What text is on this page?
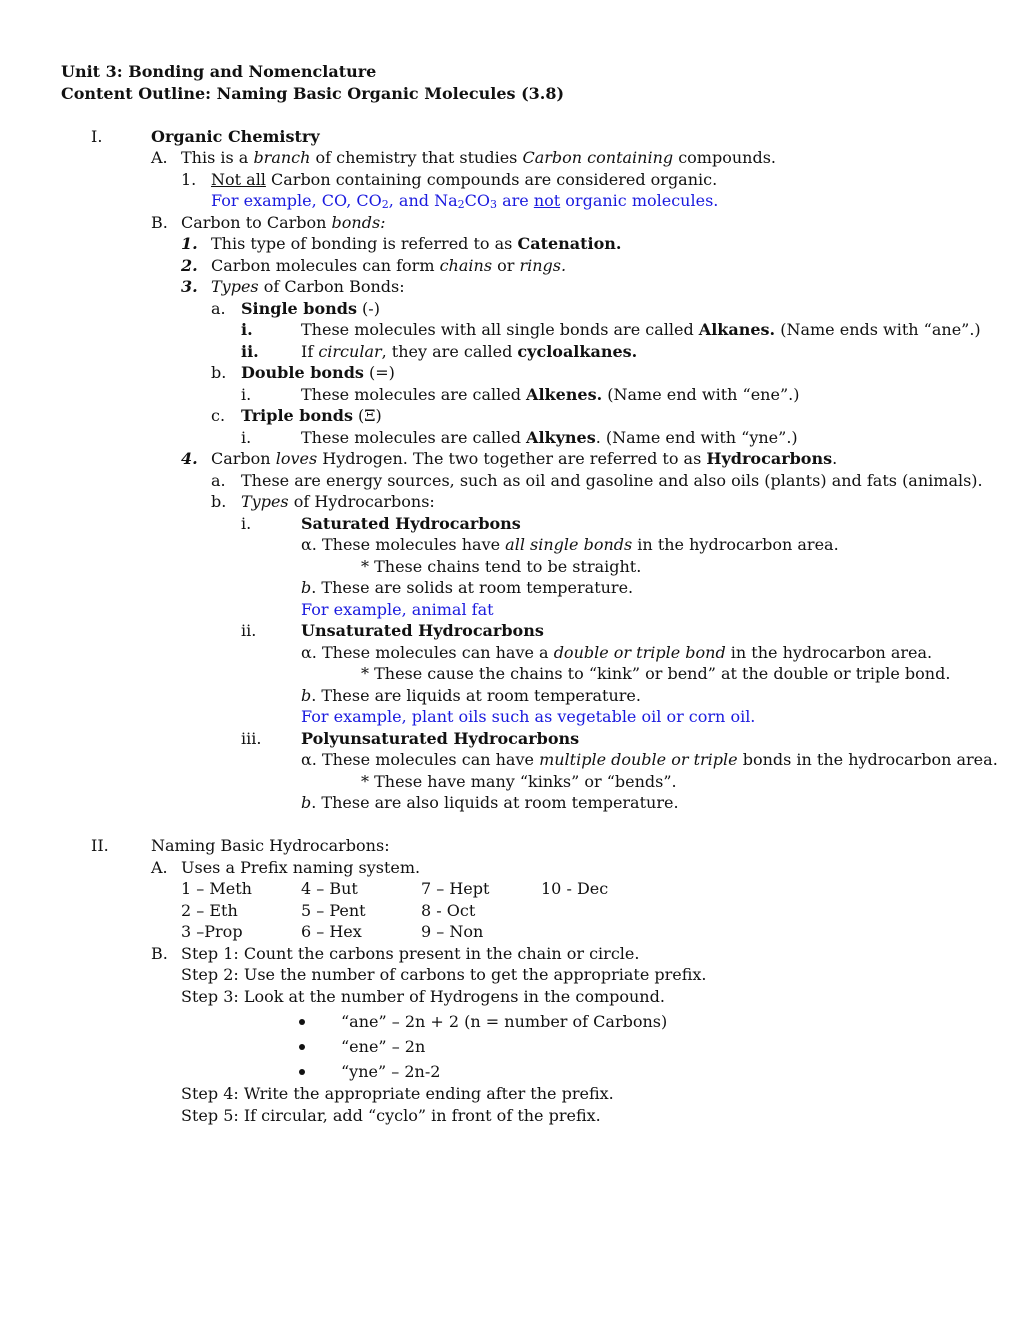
Unit 3: Bonding and Nomenclature
Content Outline: Naming Basic Organic Molecules (3.8)
I.	Organic Chemistry
A. This is a branch of chemistry that studies Carbon containing compounds.
1. Not all Carbon containing compounds are considered organic.
For example, CO, $CO_2$, and $Na_2CO_3$ are not organic molecules.
B. Carbon to Carbon bonds:
1. This type of bonding is referred to as Catenation.
2. Carbon molecules can form chains or rings.
3. Types of Carbon Bonds:
a. Single bonds (-)
i.	These molecules with all single bonds are called Alkanes. (Name ends with “ane”.)
ii.	If circular, they are called cycloalkanes.
b. Double bonds (=)
i.	These molecules are called Alkenes. (Name end with “ene”.)
c. Triple bonds (Ξ)
i.	These molecules are called Alkynes. (Name end with “yne”.)
4. Carbon loves Hydrogen. The two together are referred to as Hydrocarbons.
a. These are energy sources, such as oil and gasoline and also oils (plants) and fats (animals).
b. Types of Hydrocarbons:
i.	Saturated Hydrocarbons
α. These molecules have all single bonds in the hydrocarbon area.
* These chains tend to be straight.
b. These are solids at room temperature.
For example, animal fat
ii.	Unsaturated Hydrocarbons
α. These molecules can have a double or triple bond in the hydrocarbon area.
* These cause the chains to “kink” or bend” at the double or triple bond.
b. These are liquids at room temperature.
For example, plant oils such as vegetable oil or corn oil.
iii. Polyunsaturated Hydrocarbons
α. These molecules can have multiple double or triple bonds in the hydrocarbon area.
* These have many “kinks” or “bends”.
b. These are also liquids at room temperature.
II.	Naming Basic Hydrocarbons:
A. Uses a Prefix naming system.
1 – Meth	4 – But	7 – Hept	10 - Dec
2 – Eth	5 – Pent	8 - Oct
3 –Prop	6 – Hex	9 – Non
B. Step 1: Count the carbons present in the chain or circle.
Step 2: Use the number of carbons to get the appropriate prefix.
Step 3: Look at the number of Hydrogens in the compound.
“ane” – 2n + 2 (n = number of Carbons)
“ene” – 2n
“yne” – 2n-2
Step 4: Write the appropriate ending after the prefix.
Step 5: If circular, add “cyclo” in front of the prefix.
